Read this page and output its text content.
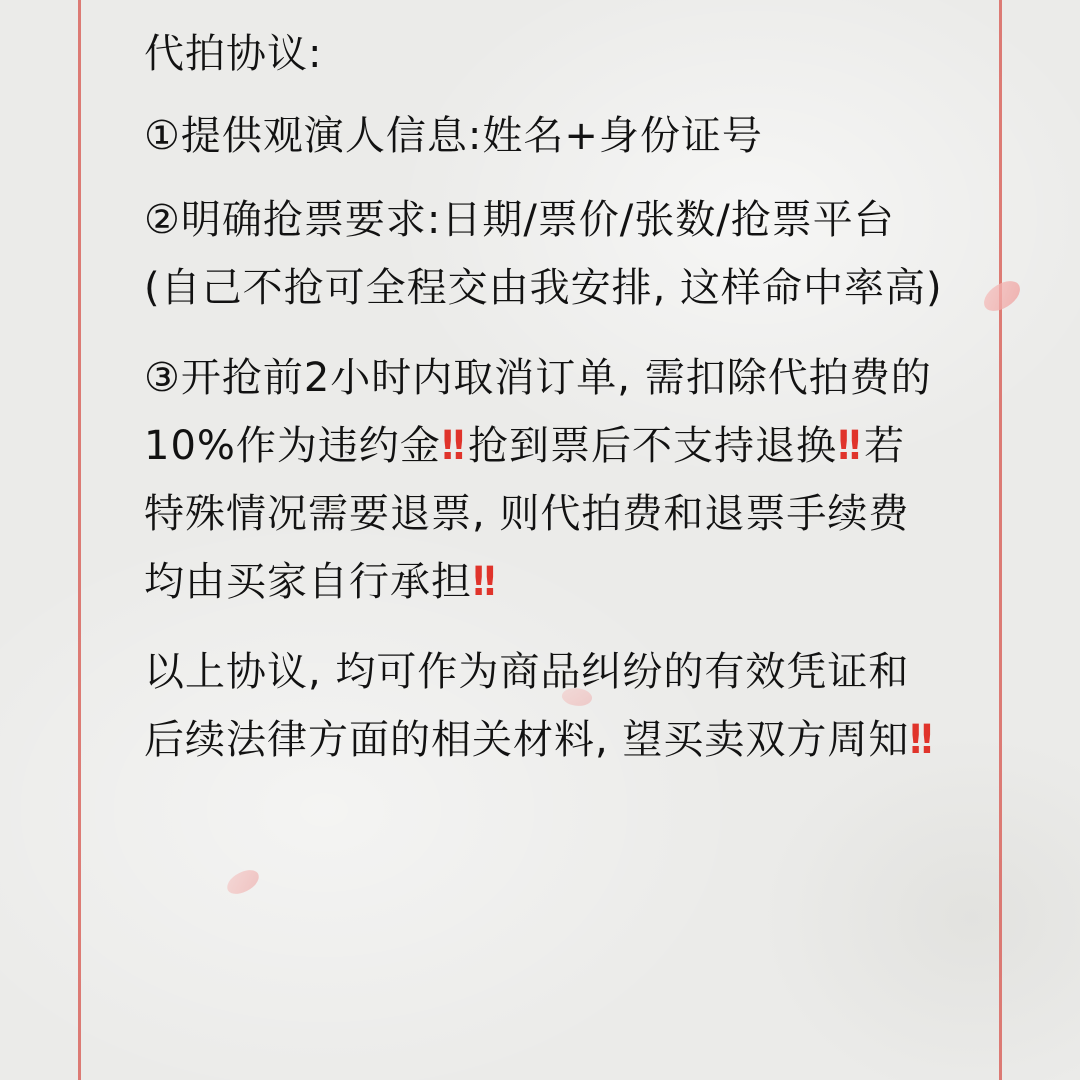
代拍协议:

①提供观演人信息:姓名+身份证号

②明确抢票要求:日期/票价/张数/抢票平台 (自己不抢可全程交由我安排, 这样命中率高)

③开抢前2小时内取消订单, 需扣除代拍费的10%作为违约金‼ 抢到票后不支持退换‼ 若特殊情况需要退票, 则代拍费和退票手续费均由买家自行承担‼

以上协议, 均可作为商品纠纷的有效凭证和后续法律方面的相关材料, 望买卖双方周知‼
